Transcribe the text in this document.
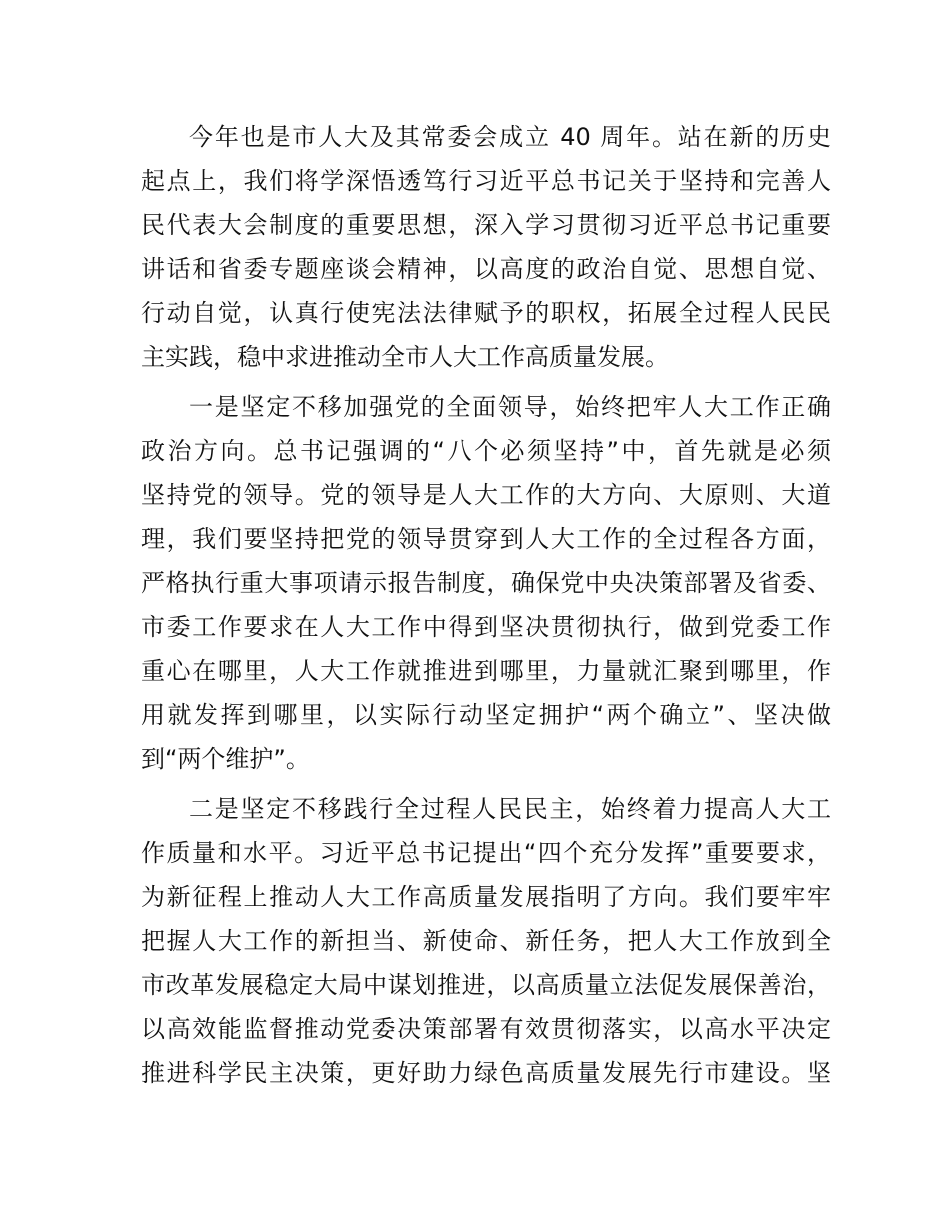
今年也是市人大及其常委会成立 40 周年。站在新的历史
起点上，我们将学深悟透笃行习近平总书记关于坚持和完善人
民代表大会制度的重要思想，深入学习贯彻习近平总书记重要
讲话和省委专题座谈会精神，以高度的政治自觉、思想自觉、
行动自觉，认真行使宪法法律赋予的职权，拓展全过程人民民
主实践，稳中求进推动全市人大工作高质量发展。
一是坚定不移加强党的全面领导，始终把牢人大工作正确
政治方向。总书记强调的“八个必须坚持”中，首先就是必须
坚持党的领导。党的领导是人大工作的大方向、大原则、大道
理，我们要坚持把党的领导贯穿到人大工作的全过程各方面，
严格执行重大事项请示报告制度，确保党中央决策部署及省委、
市委工作要求在人大工作中得到坚决贯彻执行，做到党委工作
重心在哪里，人大工作就推进到哪里，力量就汇聚到哪里，作
用就发挥到哪里，以实际行动坚定拥护“两个确立”、坚决做
到“两个维护”。
二是坚定不移践行全过程人民民主，始终着力提高人大工
作质量和水平。习近平总书记提出“四个充分发挥”重要要求，
为新征程上推动人大工作高质量发展指明了方向。我们要牢牢
把握人大工作的新担当、新使命、新任务，把人大工作放到全
市改革发展稳定大局中谋划推进，以高质量立法促发展保善治，
以高效能监督推动党委决策部署有效贯彻落实，以高水平决定
推进科学民主决策，更好助力绿色高质量发展先行市建设。坚
